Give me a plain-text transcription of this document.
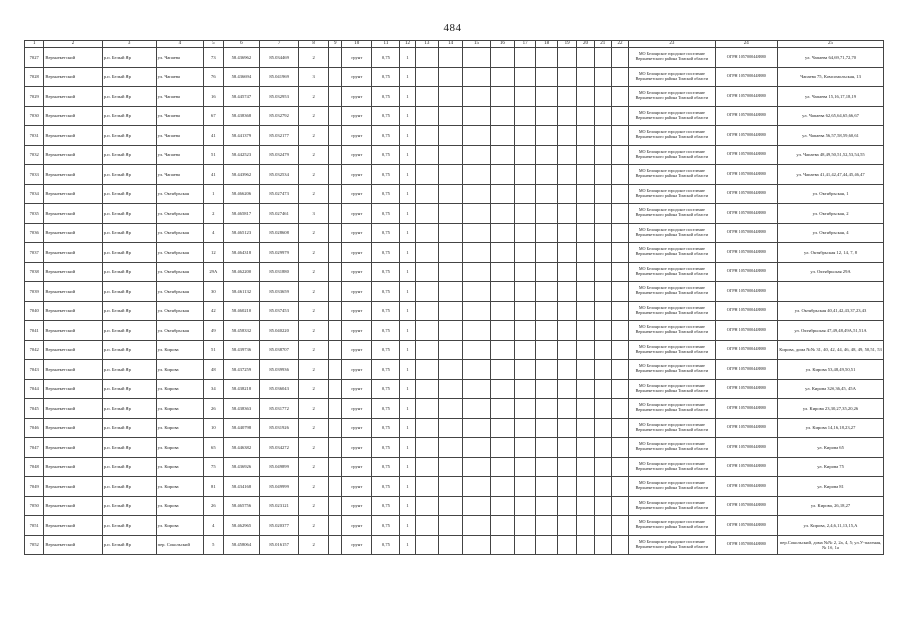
484
1	2	3	4	5	6	7	8	9	10	11	12	13	14	15	16	17	18	19	20	21	22	23	24	25
7027	Верхнекетский	р.п. Белый Яр	ул. Чапаева	73	58.436962	85.034469	2		грунт	0,75	1											МО Белоярское городское поселение Верхнекетского района Томской области	ОГРН 1057000448880	ул. Чапаева 64,69,71,72,70
7028	Верхнекетский	р.п. Белый Яр	ул. Чапаева	76	58.436694	85.041969	3		грунт	0,75	1											МО Белоярское городское поселение Верхнекетского района Томской области	ОГРН 1057000448880	Чапаева 75, Комсомольская, 13
7029	Верхнекетский	р.п. Белый Яр	ул. Чапаева	16	58.445747	85.032953	2		грунт	0,75	1											МО Белоярское городское поселение Верхнекетского района Томской области	ОГРН 1057000448880	ул. Чапаева 15,16,17,18,19
7030	Верхнекетский	р.п. Белый Яр	ул. Чапаева	67	58.438368	85.032792	2		грунт	0,75	1											МО Белоярское городское поселение Верхнекетского района Томской области	ОГРН 1057000448880	ул. Чапаева 62,65,64,65,66,67
7031	Верхнекетский	р.п. Белый Яр	ул. Чапаева	41	58.441379	85.032177	2		грунт	0,75	1											МО Белоярское городское поселение Верхнекетского района Томской области	ОГРН 1057000448880	ул. Чапаева 56,57,58,59,60,61
7032	Верхнекетский	р.п. Белый Яр	ул. Чапаева	51	58.442523	85.032479	2		грунт	0,75	1											МО Белоярское городское поселение Верхнекетского района Томской области	ОГРН 1057000448880	ул. Чапаева 48,49,50,51,52,53,54,55
7033	Верхнекетский	р.п. Белый Яр	ул. Чапаева	41	58.443962	85.032534	2		грунт	0,75	1											МО Белоярское городское поселение Верхнекетского района Томской области	ОГРН 1057000448880	ул. Чапаева 41,41,42,47,44,45,46,47
7034	Верхнекетский	р.п. Белый Яр	ул. Октябрьская	1	58.466206	85.027473	2		грунт	0,75	1											МО Белоярское городское поселение Верхнекетского района Томской области	ОГРН 1057000448880	ул. Октябрьская, 1
7035	Верхнекетский	р.п. Белый Яр	ул. Октябрьская	2	58.465817	85.027461	3		грунт	0,75	1											МО Белоярское городское поселение Верхнекетского района Томской области	ОГРН 1057000448880	ул. Октябрьская, 2
7036	Верхнекетский	р.п. Белый Яр	ул. Октябрьская	4	58.465123	85.028608	2		грунт	0,75	1											МО Белоярское городское поселение Верхнекетского района Томской области	ОГРН 1057000448880	ул. Октябрьская, 4
7037	Верхнекетский	р.п. Белый Яр	ул. Октябрьская	12	58.464318	85.029979	2		грунт	0,75	1											МО Белоярское городское поселение Верхнекетского района Томской области	ОГРН 1057000448880	ул. Октябрьская 12, 14, 7, 8
7038	Верхнекетский	р.п. Белый Яр	ул. Октябрьская	29А	58.462200	85.031880	2		грунт	0,75	1											МО Белоярское городское поселение Верхнекетского района Томской области	ОГРН 1057000448880	ул. Октябрьская 29А
7039	Верхнекетский	р.п. Белый Яр	ул. Октябрьская	30	58.461132	85.033659	2		грунт	0,75	1											МО Белоярское городское поселение Верхнекетского района Томской области	ОГРН 1057000448880	
7040	Верхнекетский	р.п. Белый Яр	ул. Октябрьская	42	58.460210	85.037453	2		грунт	0,75	1											МО Белоярское городское поселение Верхнекетского района Томской области	ОГРН 1057000448880	ул. Октябрьская 40,41,42,43,37,23,43
7041	Верхнекетский	р.п. Белый Яр	ул. Октябрьская	49	58.458332	85.040220	2		грунт	0,75	1											МО Белоярское городское поселение Верхнекетского района Томской области	ОГРН 1057000448880	ул. Октябрьская 47,49,48,49А,51,51А
7042	Верхнекетский	р.п. Белый Яр	ул. Кирова	51	58.439736	85.038707	2		грунт	0,75	1											МО Белоярское городское поселение Верхнекетского района Томской области	ОГРН 1057000448880	Кирова, дома №№ 31, 40, 42, 44, 46, 48, 49, 50,51, 53
7043	Верхнекетский	р.п. Белый Яр	ул. Кирова	48	58.437259	85.039936	2		грунт	0,75	1											МО Белоярское городское поселение Верхнекетского района Томской области	ОГРН 1057000448880	ул. Кирова 53,48,49,50,51
7044	Верхнекетский	р.п. Белый Яр	ул. Кирова	34	58.438218	85.036043	2		грунт	0,75	1											МО Белоярское городское поселение Верхнекетского района Томской области	ОГРН 1057000448880	ул. Кирова 32б,36,45, 45А
7045	Верхнекетский	р.п. Белый Яр	ул. Кирова	26	58.438363	85.031772	2		грунт	0,75	1											МО Белоярское городское поселение Верхнекетского района Томской области	ОГРН 1057000448880	ул. Кирова 23,30,27,35,20,26
7046	Верхнекетский	р.п. Белый Яр	ул. Кирова	10	58.440798	85.031926	2		грунт	0,75	1											МО Белоярское городское поселение Верхнекетского района Томской области	ОГРН 1057000448880	ул. Кирова 14,16,18,23,27
7047	Верхнекетский	р.п. Белый Яр	ул. Кирова	65	58.446382	85.034272	2		грунт	0,75	1											МО Белоярское городское поселение Верхнекетского района Томской области	ОГРН 1057000448880	ул. Кирова 65
7048	Верхнекетский	р.п. Белый Яр	ул. Кирова	75	58.436926	85.049899	2		грунт	0,75	1											МО Белоярское городское поселение Верхнекетского района Томской области	ОГРН 1057000448880	ул. Кирова 75
7049	Верхнекетский	р.п. Белый Яр	ул. Кирова	81	58.434168	85.049999	2		грунт	0,75	1											МО Белоярское городское поселение Верхнекетского района Томской области	ОГРН 1057000448880	ул. Кирова 81
7050	Верхнекетский	р.п. Белый Яр	ул. Кирова	26	58.465756	85.023121	2		грунт	0,75	1											МО Белоярское городское поселение Верхнекетского района Томской области	ОГРН 1057000448880	ул. Кирова, 26,18,27
7051	Верхнекетский	р.п. Белый Яр	ул. Кирова	4	58.462965	85.020377	2		грунт	0,75	1											МО Белоярское городское поселение Верхнекетского района Томской области	ОГРН 1057000448880	ул. Кирова, 2,4,6,11,13,15,А
7052	Верхнекетский	р.п. Белый Яр	пер. Сокольский	5	58.458064	85.016157	2		грунт	0,75	1											МО Белоярское городское поселение Верхнекетского района Томской области	ОГРН 1057000448880	пер.Сокольский, дома №№ 2, 2а, 4, 5; ул.У-паленая, № 1б, 1а
